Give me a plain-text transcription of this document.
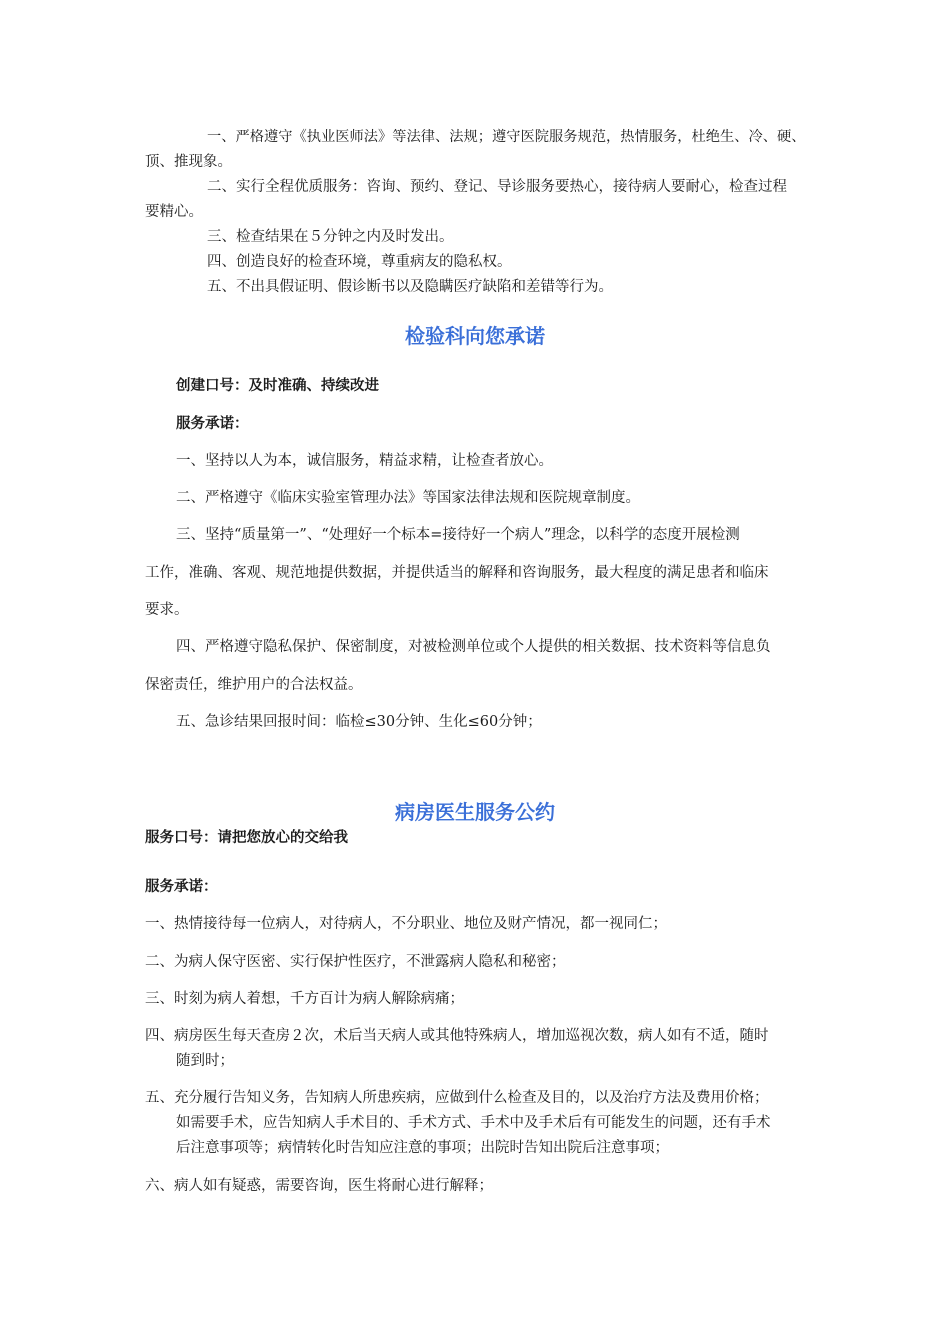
一、严格遵守《执业医师法》等法律、法规；遵守医院服务规范，热情服务，杜绝生、冷、硬、
顶、推现象。
二、实行全程优质服务：咨询、预约、登记、导诊服务要热心，接待病人要耐心，检查过程
要精心。
三、检查结果在５分钟之内及时发出。
四、创造良好的检查环境，尊重病友的隐私权。
五、不出具假证明、假诊断书以及隐瞒医疗缺陷和差错等行为。
检验科向您承诺
创建口号：及时准确、持续改进
服务承诺：
一、坚持以人为本，诚信服务，精益求精，让检查者放心。
二、严格遵守《临床实验室管理办法》等国家法律法规和医院规章制度。
三、坚持“质量第一”、“处理好一个标本=接待好一个病人”理念，以科学的态度开展检测
工作，准确、客观、规范地提供数据，并提供适当的解释和咨询服务，最大程度的满足患者和临床
要求。
四、严格遵守隐私保护、保密制度，对被检测单位或个人提供的相关数据、技术资料等信息负
保密责任，维护用户的合法权益。
五、急诊结果回报时间：临检≤30分钟、生化≤60分钟；
病房医生服务公约
服务口号：请把您放心的交给我
服务承诺：
一、热情接待每一位病人，对待病人，不分职业、地位及财产情况，都一视同仁；
二、为病人保守医密、实行保护性医疗，不泄露病人隐私和秘密；
三、时刻为病人着想，千方百计为病人解除病痛；
四、病房医生每天查房２次，术后当天病人或其他特殊病人，增加巡视次数，病人如有不适，随时
随到时；
五、充分履行告知义务，告知病人所患疾病，应做到什么检查及目的，以及治疗方法及费用价格；
如需要手术，应告知病人手术目的、手术方式、手术中及手术后有可能发生的问题，还有手术
后注意事项等；病情转化时告知应注意的事项；出院时告知出院后注意事项；
六、病人如有疑惑，需要咨询，医生将耐心进行解释；
